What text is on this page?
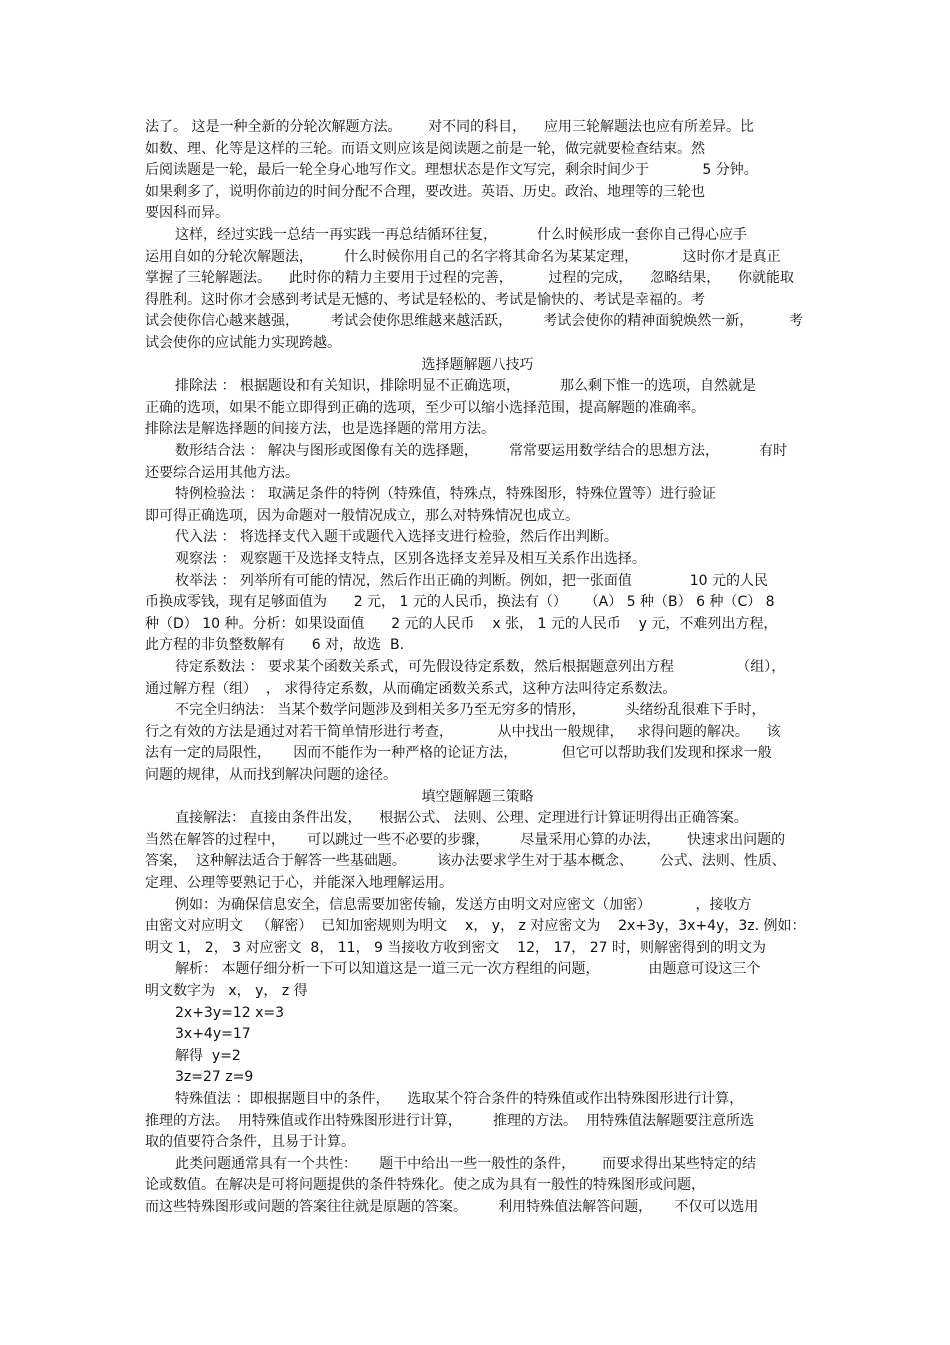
法了。 这是一种全新的分轮次解题方法。      对不同的科目，    应用三轮解题法也应有所差异。比
如数、理、化等是这样的三轮。而语文则应该是阅读题之前是一轮，做完就要检查结束。然
后阅读题是一轮，最后一轮全身心地写作文。理想状态是作文写完，剩余时间少于            5 分钟。
如果剩多了，说明你前边的时间分配不合理，要改进。英语、历史。政治、地理等的三轮也
要因科而异。
这样，经过实践一总结一再实践一再总结循环往复，         什么时候形成一套你自己得心应手
运用自如的分轮次解题法，       什么时候你用自己的名字将其命名为某某定理，          这时你才是真正
掌握了三轮解题法。    此时你的精力主要用于过程的完善，        过程的完成，    忽略结果，    你就能取
得胜利。这时你才会感到考试是无憾的、考试是轻松的、考试是愉快的、考试是幸福的。考
试会使你信心越来越强，       考试会使你思维越来越活跃，       考试会使你的精神面貌焕然一新，        考
试会使你的应试能力实现跨越。
选择题解题八技巧
排除法 ： 根据题设和有关知识，排除明显不正确选项，         那么剩下惟一的选项，自然就是
正确的选项，如果不能立即得到正确的选项，至少可以缩小选择范围，提高解题的准确率。
排除法是解选择题的间接方法，也是选择题的常用方法。
数形结合法 ： 解决与图形或图像有关的选择题，       常常要运用数学结合的思想方法，         有时
还要综合运用其他方法。
特例检验法 ： 取满足条件的特例（特殊值，特殊点，特殊图形，特殊位置等）进行验证
即可得正确选项，因为命题对一般情况成立，那么对特殊情况也成立。
代入法 ： 将选择支代入题干或题代入选择支进行检验，然后作出判断。
观察法 ： 观察题干及选择支特点，区别各选择支差异及相互关系作出选择。
枚举法 ： 列举所有可能的情况，然后作出正确的判断。例如，把一张面值             10 元的人民
币换成零钱，现有足够面值为      2 元， 1 元的人民币，换法有（）    （A） 5 种（B） 6 种（C） 8
种（D） 10 种。分析：如果设面值      2 元的人民币    x 张， 1 元的人民币    y 元，不难列出方程，
此方程的非负整数解有      6 对，故选  B.
待定系数法 ： 要求某个函数关系式，可先假设待定系数，然后根据题意列出方程              （组），
通过解方程（组）  ， 求得待定系数，从而确定函数关系式，这种方法叫待定系数法。
不完全归纳法： 当某个数学问题涉及到相关多乃至无穷多的情形，         头绪纷乱很难下手时，
行之有效的方法是通过对若干简单情形进行考查，          从中找出一般规律，   求得问题的解决。    该
法有一定的局限性，     因而不能作为一种严格的论证方法，          但它可以帮助我们发现和探求一般
问题的规律，从而找到解决问题的途径。
填空题解题三策略
直接解法： 直接由条件出发，    根据公式、 法则、公理、定理进行计算证明得出正确答案。
当然在解答的过程中，     可以跳过一些不必要的步骤，       尽量采用心算的办法，      快速求出问题的
答案，  这种解法适合于解答一些基础题。       该办法要求学生对于基本概念、      公式、法则、性质、
定理、公理等要熟记于心，并能深入地理解运用。
例如：为确保信息安全，信息需要加密传输，发送方由明文对应密文（加密）          ，接收方
由密文对应明文   （解密）  已知加密规则为明文    x， y， z 对应密文为    2x+3y，3x+4y，3z. 例如：
明文 1， 2， 3 对应密文  8， 11， 9 当接收方收到密文    12， 17， 27 时，则解密得到的明文为
解析： 本题仔细分析一下可以知道这是一道三元一次方程组的问题，           由题意可设这三个
明文数字为   x， y， z 得
2x+3y=12 x=3
3x+4y=17
解得  y=2
3z=27 z=9
特殊值法 ：即根据题目中的条件，    选取某个符合条件的特殊值或作出特殊图形进行计算，
推理的方法。  用特殊值或作出特殊图形进行计算，       推理的方法。  用特殊值法解题要注意所选
取的值要符合条件，且易于计算。
此类问题通常具有一个共性：     题干中给出一些一般性的条件，      而要求得出某些特定的结
论或数值。在解决是可将问题提供的条件特殊化。使之成为具有一般性的特殊图形或问题，
而这些特殊图形或问题的答案往往就是原题的答案。       利用特殊值法解答问题，     不仅可以选用
